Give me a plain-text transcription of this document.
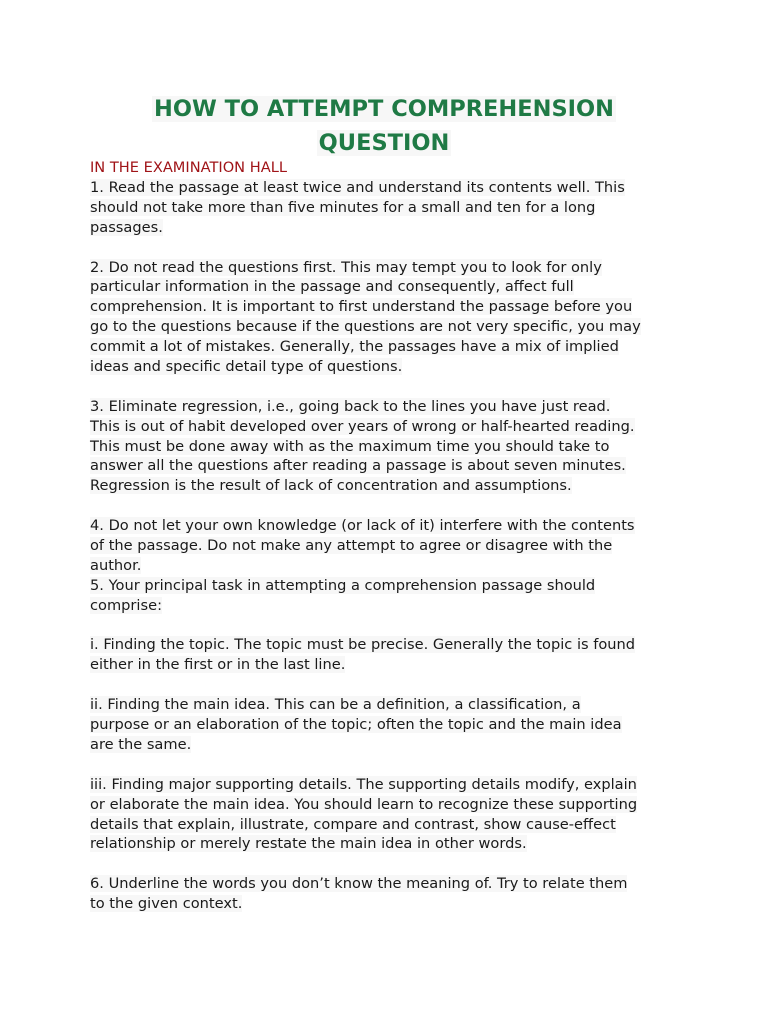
HOW TO ATTEMPT COMPREHENSION
QUESTION

IN THE EXAMINATION HALL

1. Read the passage at least twice and understand its contents well. This
should not take more than five minutes for a small and ten for a long
passages.
2. Do not read the questions first. This may tempt you to look for only
particular information in the passage and consequently, affect full
comprehension. It is important to first understand the passage before you
go to the questions because if the questions are not very specific, you may
commit a lot of mistakes. Generally, the passages have a mix of implied
ideas and specific detail type of questions.
3. Eliminate regression, i.e., going back to the lines you have just read.
This is out of habit developed over years of wrong or half-hearted reading.
This must be done away with as the maximum time you should take to
answer all the questions after reading a passage is about seven minutes.
Regression is the result of lack of concentration and assumptions.
4. Do not let your own knowledge (or lack of it) interfere with the contents
of the passage. Do not make any attempt to agree or disagree with the
author.
5. Your principal task in attempting a comprehension passage should
comprise:
i. Finding the topic. The topic must be precise. Generally the topic is found
either in the first or in the last line.
ii. Finding the main idea. This can be a definition, a classification, a
purpose or an elaboration of the topic; often the topic and the main idea
are the same.
iii. Finding major supporting details. The supporting details modify, explain
or elaborate the main idea. You should learn to recognize these supporting
details that explain, illustrate, compare and contrast, show cause-effect
relationship or merely restate the main idea in other words.
6. Underline the words you don’t know the meaning of. Try to relate them
to the given context.
